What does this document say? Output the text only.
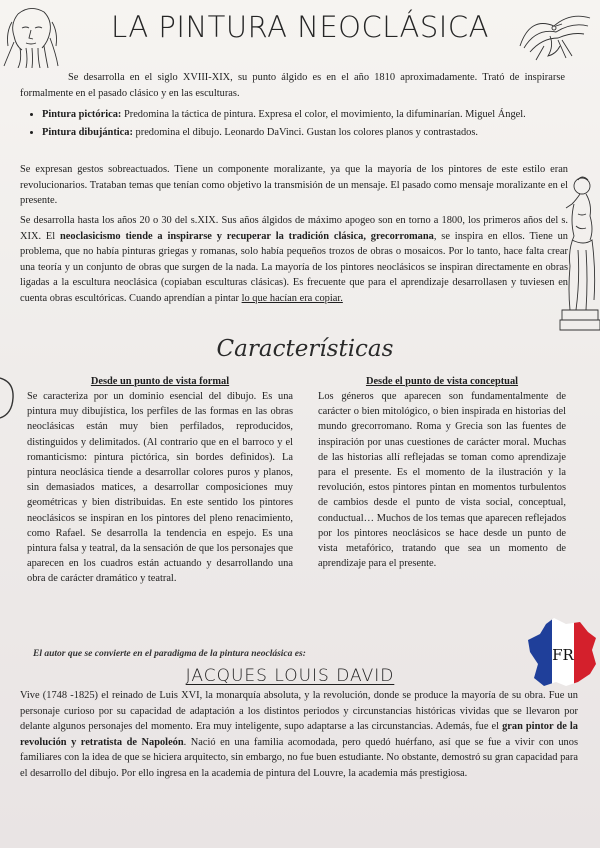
LA PINTURA NEOCLÁSICA

Se desarrolla en el siglo XVIII-XIX, su punto álgido es en el año 1810 aproximadamente. Trató de inspirarse formalmente en el pasado clásico y en las esculturas.

• Pintura pictórica: Predomina la táctica de pintura. Expresa el color, el movimiento, la difuminarían. Miguel Ángel.
• Pintura dibujántica: predomina el dibujo. Leonardo DaVinci. Gustan los colores planos y contrastados.

Se expresan gestos sobreactuados. Tiene un componente moralizante, ya que la mayoría de los pintores de este estilo eran revolucionarios. Trataban temas que tenían como objetivo la transmisión de un mensaje. El pasado como mensaje moralizante en el presente.

Se desarrolla hasta los años 20 o 30 del s.XIX. Sus años álgidos de máximo apogeo son en torno a 1800, los primeros años del s. XIX. El neoclasicismo tiende a inspirarse y recuperar la tradición clásica, grecorromana, se inspira en ellos. Tiene un problema, que no había pinturas griegas y romanas, solo había pequeños trozos de obras o mosaicos. Por lo tanto, hace falta crear una teoría y un conjunto de obras que surgen de la nada. La mayoría de los pintores neoclásicos se inspiran directamente en obras ligadas a la escultura neoclásica (copiaban esculturas clásicas). Es frecuente que para el aprendizaje desarrollasen y tuviesen en cuenta obras escultóricas. Cuando aprendían a pintar lo que hacían era copiar.

Características

Desde un punto de vista formal

Se caracteriza por un dominio esencial del dibujo. Es una pintura muy dibujística, los perfiles de las formas en las obras neoclásicas están muy bien perfilados, reproducidos, distinguidos y delimitados. (Al contrario que en el barroco y el romanticismo: pintura pictórica, sin bordes definidos). La pintura neoclásica tiende a desarrollar colores puros y planos, sin demasiados matices, a desarrollar composiciones muy geométricas y bien distribuidas. En este sentido los pintores neoclásicos se inspiran en los pintores del pleno renacimiento, como Rafael. Se desarrolla la tendencia en espejo. Es una pintura falsa y teatral, da la sensación de que los personajes que aparecen en los cuadros están actuando y desarrollando una obra de carácter dramático y teatral.

Desde el punto de vista conceptual

Los géneros que aparecen son fundamentalmente de carácter o bien mitológico, o bien inspirada en historias del mundo grecorromano. Roma y Grecia son las fuentes de inspiración por unas cuestiones de carácter moral. Muchas de las historias allí reflejadas se toman como aprendizaje para el presente. Es el momento de la ilustración y la revolución, estos pintores pintan en momentos turbulentos de cambios desde el punto de vista social, conceptual, conductual… Muchos de los temas que aparecen reflejados por los pintores neoclásicos se hace desde un punto de vista metafórico, tratando que sea un momento de aprendizaje para el presente.

FR

El autor que se convierte en el paradigma de la pintura neoclásica es:

JACQUES LOUIS DAVID

Vive (1748 -1825) el reinado de Luis XVI, la monarquía absoluta, y la revolución, donde se produce la mayoría de su obra. Fue un personaje curioso por su capacidad de adaptación a los distintos periodos y circunstancias históricas vividas que se llevaron por delante algunos personajes del momento. Era muy inteligente, supo adaptarse a las circunstancias. Además, fue el gran pintor de la revolución y retratista de Napoleón. Nació en una familia acomodada, pero quedó huérfano, así que se fue a vivir con unos familiares con la idea de que se hiciera arquitecto, sin embargo, no fue buen estudiante. No obstante, demostró su gran capacidad para el desarrollo del dibujo. Por ello ingresa en la academia de pintura del Louvre, la academia más prestigiosa.
